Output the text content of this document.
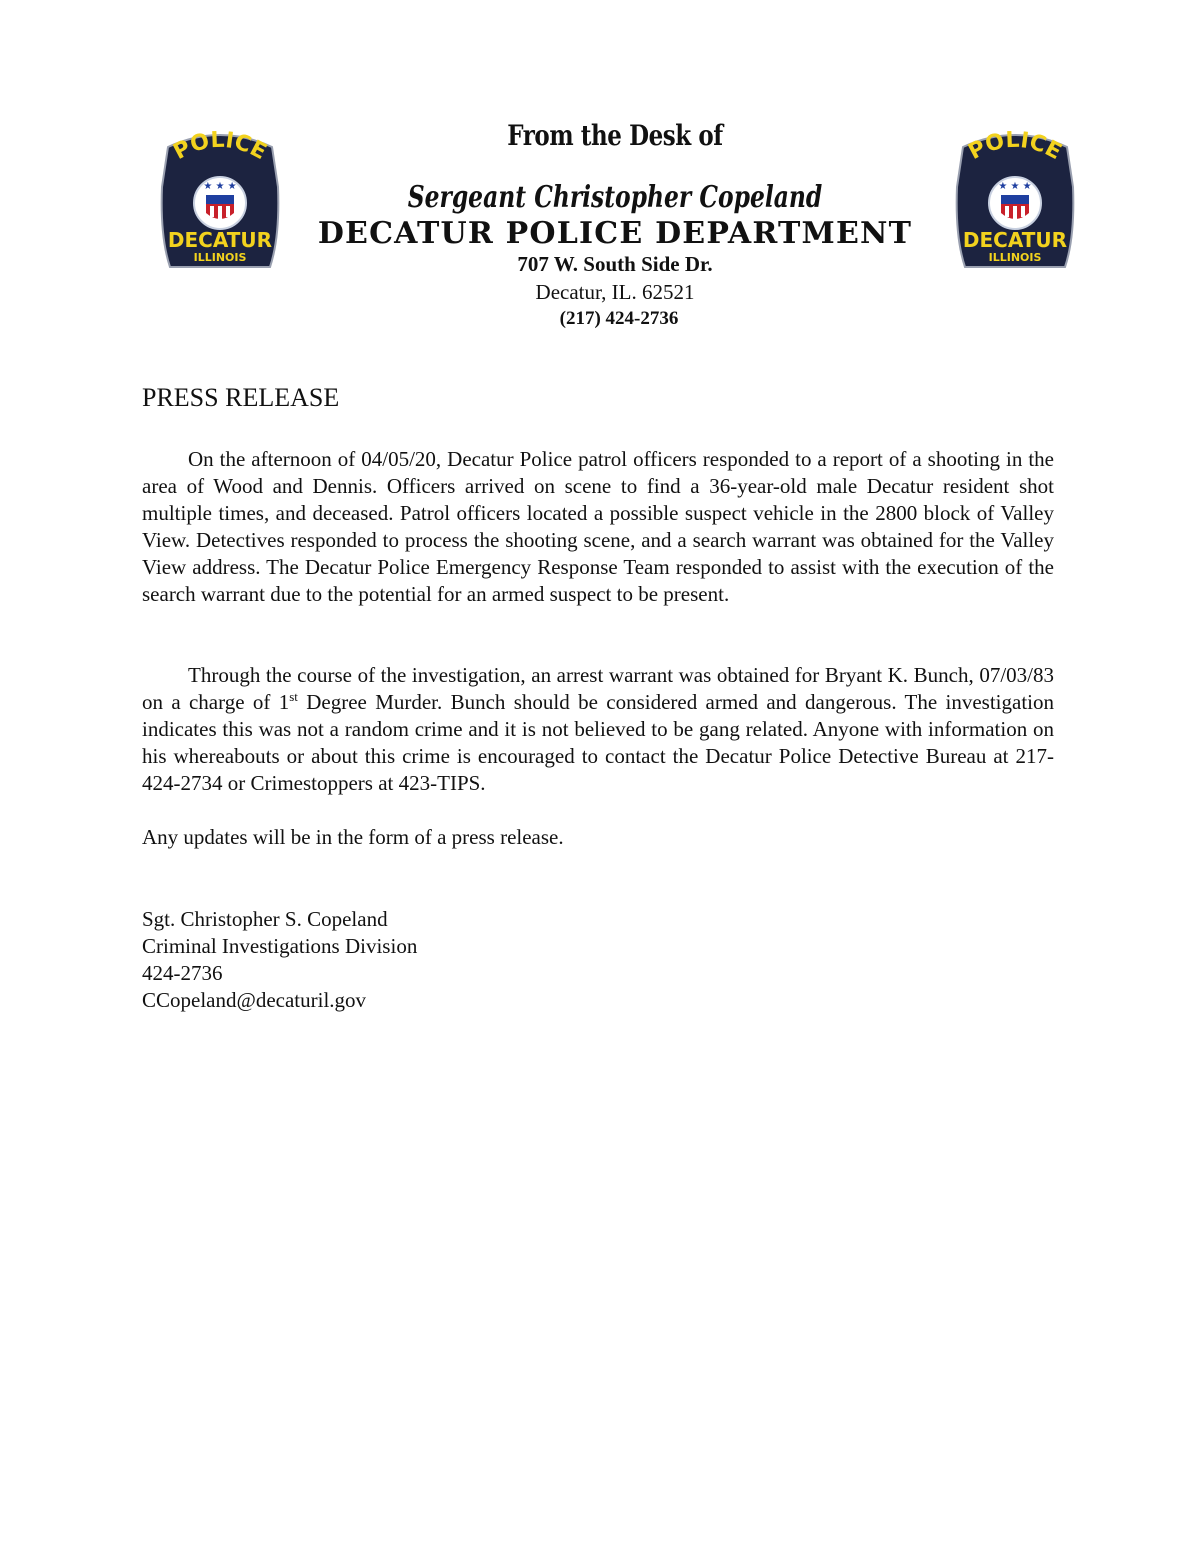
POLICE
★ ★ ★
DECATUR
ILLINOIS
POLICE
★ ★ ★
DECATUR
ILLINOIS
From the Desk of
Sergeant Christopher Copeland
DECATUR POLICE DEPARTMENT
707 W. South Side Dr.
Decatur, IL. 62521
(217) 424-2736
PRESS RELEASE

On the afternoon of 04/05/20, Decatur Police patrol officers responded to a report of a shooting in the area of Wood and Dennis. Officers arrived on scene to find a 36-year-old male Decatur resident shot multiple times, and deceased. Patrol officers located a possible suspect vehicle in the 2800 block of Valley View. Detectives responded to process the shooting scene, and a search warrant was obtained for the Valley View address. The Decatur Police Emergency Response Team responded to assist with the execution of the search warrant due to the potential for an armed suspect to be present.

Through the course of the investigation, an arrest warrant was obtained for Bryant K. Bunch, 07/03/83 on a charge of 1st Degree Murder. Bunch should be considered armed and dangerous. The investigation indicates this was not a random crime and it is not believed to be gang related. Anyone with information on his whereabouts or about this crime is encouraged to contact the Decatur Police Detective Bureau at 217-424-2734 or Crimestoppers at 423-TIPS.

Any updates will be in the form of a press release.

Sgt. Christopher S. Copeland
Criminal Investigations Division
424-2736
CCopeland@decaturil.gov
